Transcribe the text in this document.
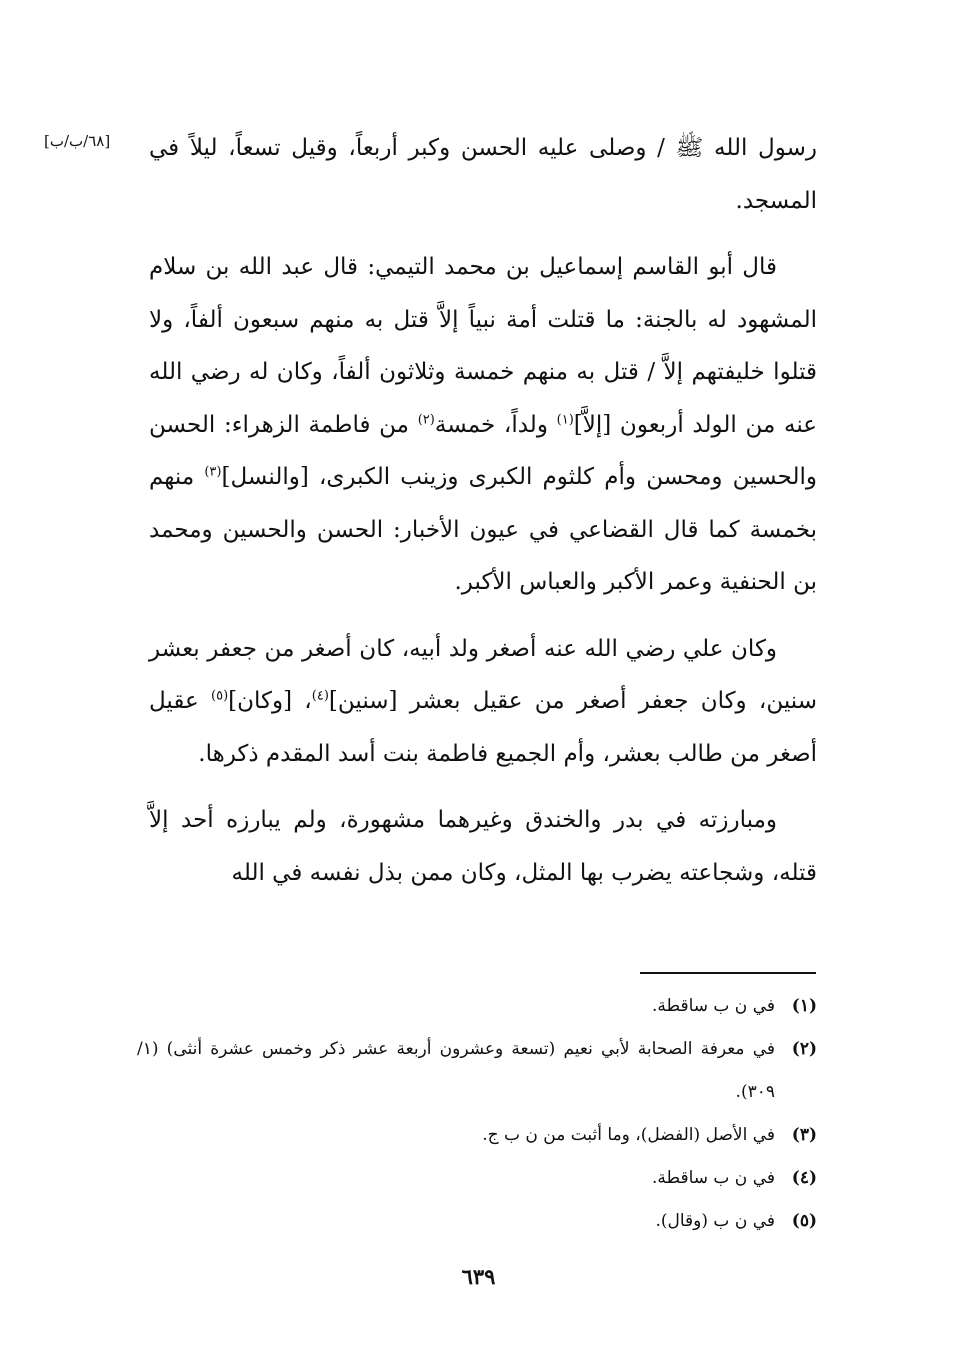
[٦٨/ب/ب] رسول الله ﷺ / وصلى عليه الحسن وكبر أربعاً، وقيل تسعاً، ليلاً في المسجد.

قال أبو القاسم إسماعيل بن محمد التيمي: قال عبد الله بن سلام المشهود له بالجنة: ما قتلت أمة نبياً إلاَّ قتل به منهم سبعون ألفاً، ولا قتلوا خليفتهم إلاَّ / قتل به منهم خمسة وثلاثون ألفاً، وكان له رضي الله عنه من الولد أربعون [إلاَّ]$^{(١)}$ ولداً، خمسة$^{(٢)}$ من فاطمة الزهراء: الحسن والحسين ومحسن وأم كلثوم الكبرى وزينب الكبرى، [والنسل]$^{(٣)}$ منهم بخمسة كما قال القضاعي في عيون الأخبار: الحسن والحسين ومحمد بن الحنفية وعمر الأكبر والعباس الأكبر.

وكان علي رضي الله عنه أصغر ولد أبيه، كان أصغر من جعفر بعشر سنين، وكان جعفر أصغر من عقيل بعشر [سنين]$^{(٤)}$، [وكان]$^{(٥)}$ عقيل أصغر من طالب بعشر، وأم الجميع فاطمة بنت أسد المقدم ذكرها.

ومبارزته في بدر والخندق وغيرهما مشهورة، ولم يبارزه أحد إلاَّ قتله، وشجاعته يضرب بها المثل، وكان ممن بذل نفسه في الله

(١)
في ن ب ساقطة.
(٢)
في معرفة الصحابة لأبي نعيم (تسعة وعشرون أربعة عشر ذكر وخمس عشرة أنثى) (١/ ٣٠٩).
(٣)
في الأصل (الفضل)، وما أثبت من ن ب ج.
(٤)
في ن ب ساقطة.
(٥)
في ن ب (وقال).
٦٣٩
